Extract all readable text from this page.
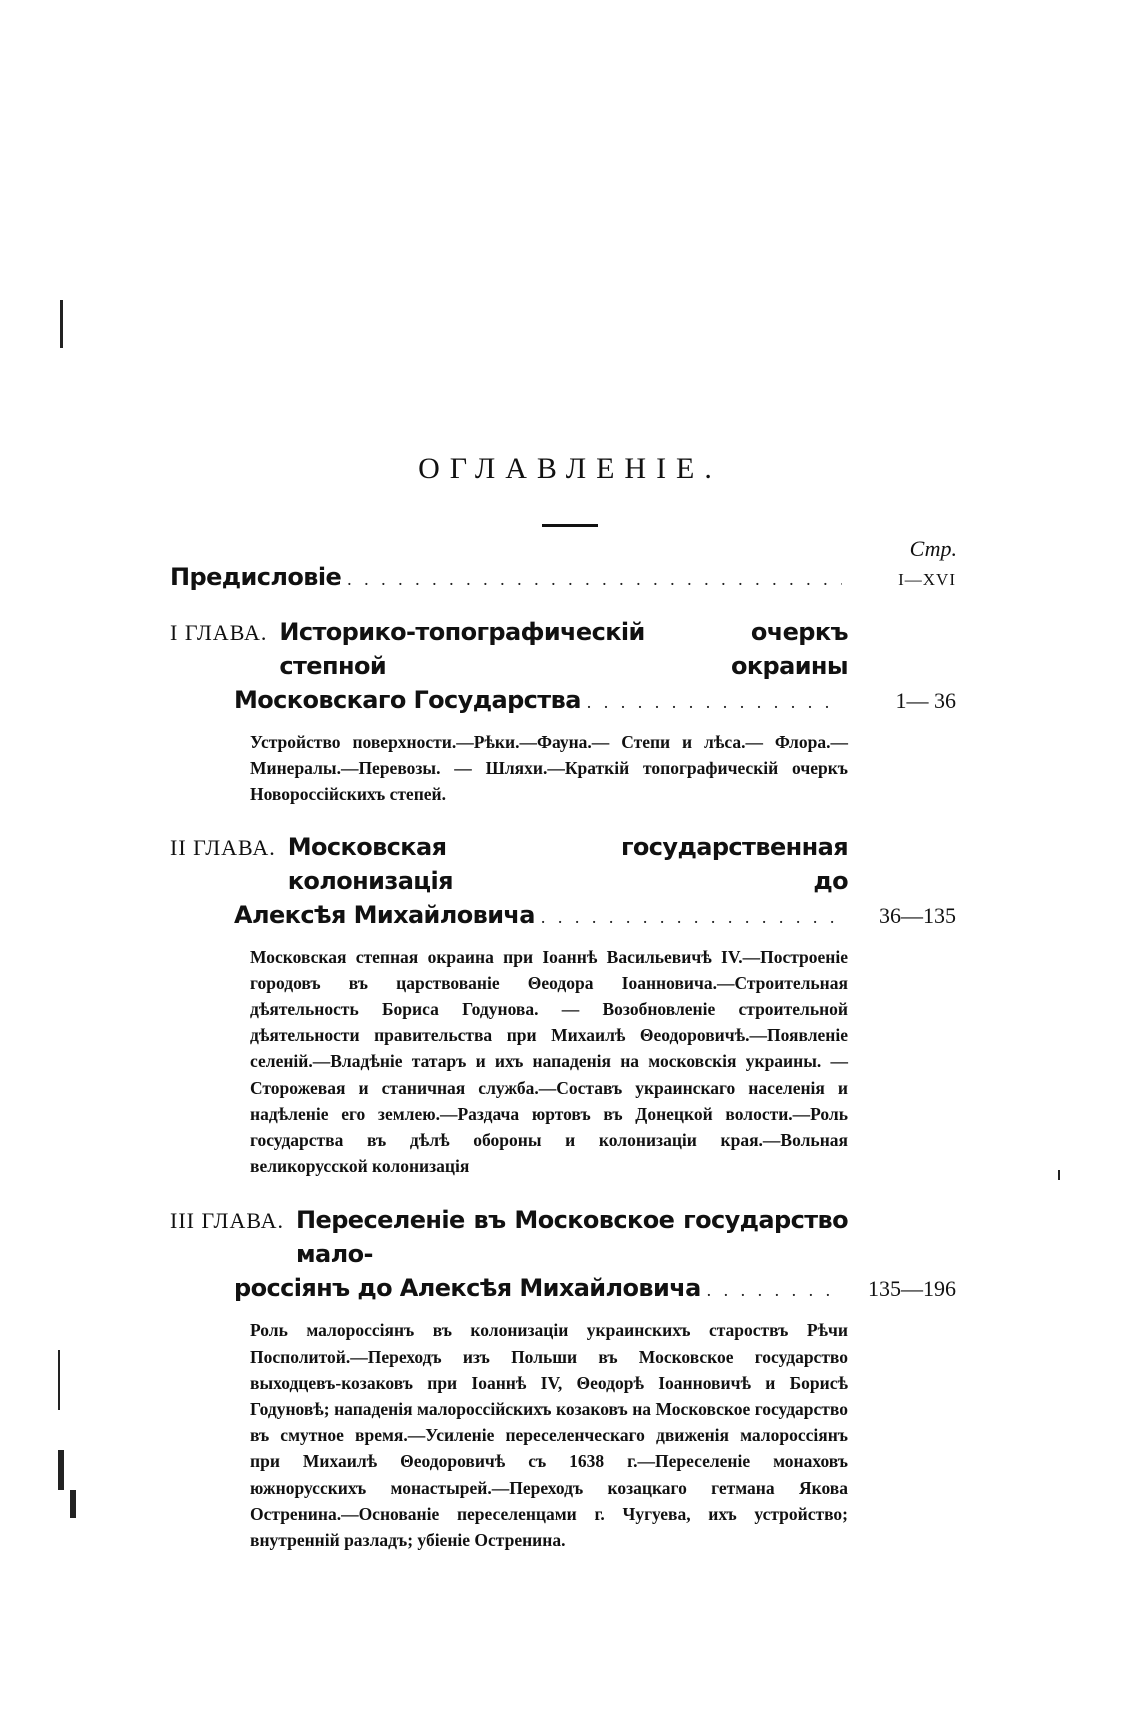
ОГЛАВЛЕНІЕ.
Стр.
Предисловіе . . .	I—XVI
I ГЛАВА. Историко-топографическій очеркъ степной окраины
Московскаго Государства . . .	1— 36
Устройство поверхности.—Рѣки.—Фауна.— Степи и лѣса.— Флора.—Минералы.—Перевозы. — Шляхи.—Краткій топографическій очеркъ Новороссійскихъ степей.
II ГЛАВА. Московская государственная колонизація до
Алексѣя Михайловича . . .	36—135
Московская степная окраина при Іоаннѣ Васильевичѣ IV.—Построеніе городовъ въ царствованіе Θеодора Іоанновича.—Строительная дѣятельность Бориса Годунова. — Возобновленіе строительной дѣятельности правительства при Михаилѣ Θеодоровичѣ.—Появленіе селеній.—Владѣніе татаръ и ихъ нападенія на московскія украины. — Сторожевая и станичная служба.—Составъ украинскаго населенія и надѣленіе его землею.—Раздача юртовъ въ Донецкой волости.—Роль государства въ дѣлѣ обороны и колонизаціи края.—Вольная великорусской колонизація
III ГЛАВА. Переселеніе въ Московское государство мало-
россіянъ до Алексѣя Михайловича . . .	135—196
Роль малороссіянъ въ колонизаціи украинскихъ староствъ Рѣчи Посполитой.—Переходъ изъ Польши въ Московское государство выходцевъ-козаковъ при Іоаннѣ IV, Θеодорѣ Іоанновичѣ и Борисѣ Годуновѣ; нападенія малороссійскихъ козаковъ на Московское государство въ смутное время.—Усиленіе переселенческаго движенія малороссіянъ при Михаилѣ Θеодоровичѣ съ 1638 г.—Переселеніе монаховъ южнорусскихъ монастырей.—Переходъ козацкаго гетмана Якова Остренина.—Основаніе переселенцами г. Чугуева, ихъ устройство; внутренній разладъ; убіеніе Остренина.
